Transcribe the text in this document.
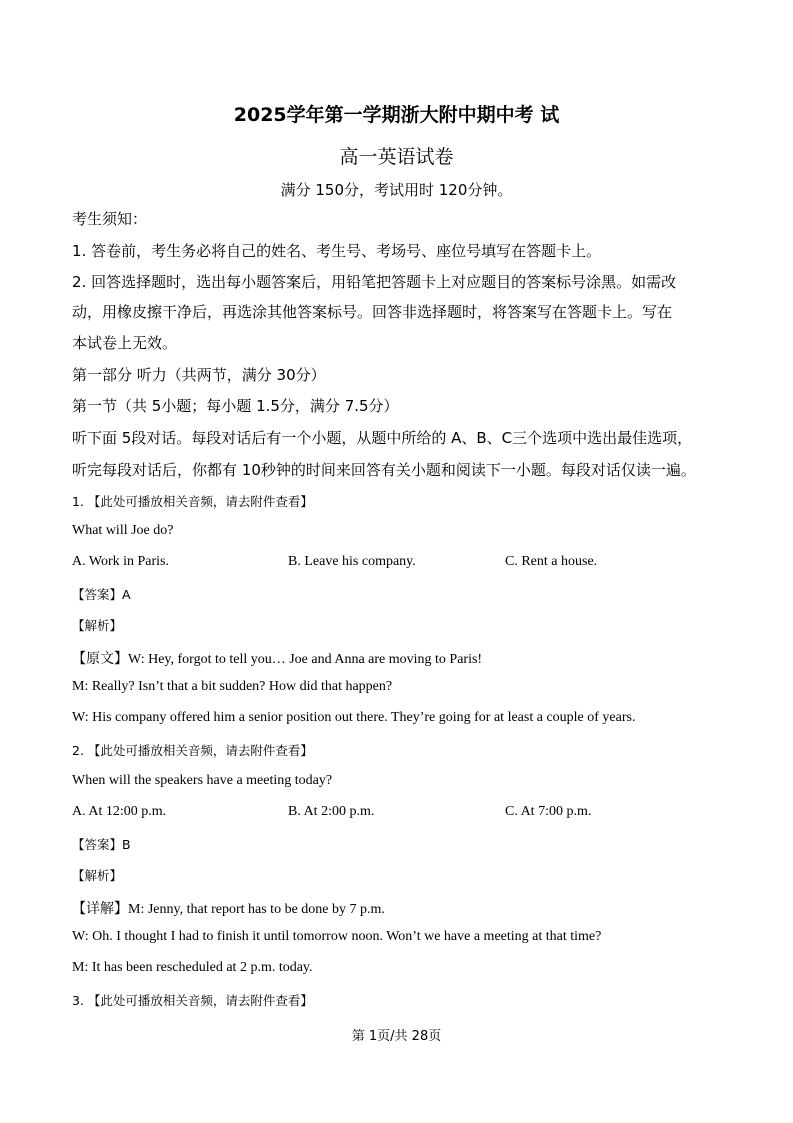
2025学年第一学期浙大附中期中考 试
高一英语试卷
满分 150分，考试用时 120分钟。
考生须知：
1. 答卷前，考生务必将自己的姓名、考生号、考场号、座位号填写在答题卡上。
2. 回答选择题时，选出每小题答案后，用铅笔把答题卡上对应题目的答案标号涂黑。如需改
动，用橡皮擦干净后，再选涂其他答案标号。回答非选择题时，将答案写在答题卡上。写在
本试卷上无效。
第一部分 听力（共两节，满分 30分）
第一节（共 5小题；每小题 1.5分，满分 7.5分）
听下面 5段对话。每段对话后有一个小题，从题中所给的 A、B、C三个选项中选出最佳选项，
听完每段对话后，你都有 10秒钟的时间来回答有关小题和阅读下一小题。每段对话仅读一遍。
1. 【此处可播放相关音频，请去附件查看】
What will Joe do?
A. Work in Paris.	B. Leave his company.	C. Rent a house.
【答案】A
【解析】
【原文】W: Hey, forgot to tell you… Joe and Anna are moving to Paris!
M: Really? Isn’t that a bit sudden? How did that happen?
W: His company offered him a senior position out there. They’re going for at least a couple of years.
2. 【此处可播放相关音频，请去附件查看】
When will the speakers have a meeting today?
A. At 12:00 p.m.	B. At 2:00 p.m.	C. At 7:00 p.m.
【答案】B
【解析】
【详解】M: Jenny, that report has to be done by 7 p.m.
W: Oh. I thought I had to finish it until tomorrow noon. Won’t we have a meeting at that time?
M: It has been rescheduled at 2 p.m. today.
3. 【此处可播放相关音频，请去附件查看】
第 1页/共 28页
